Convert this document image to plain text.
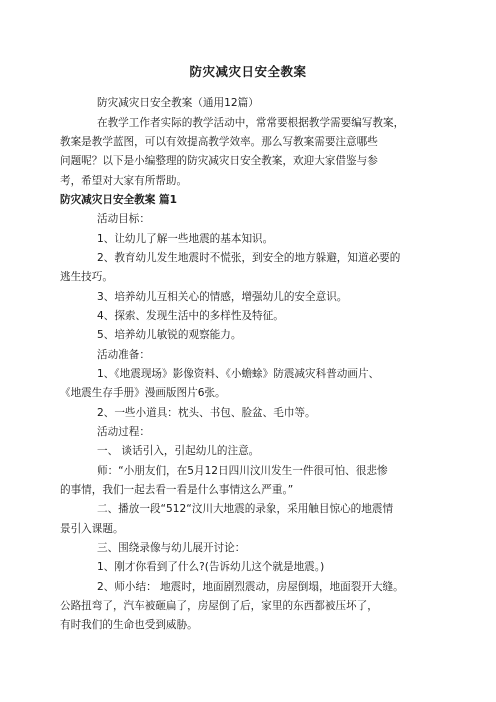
防灾减灾日安全教案
防灾减灾日安全教案（通用12篇）
在教学工作者实际的教学活动中，常常要根据教学需要编写教案，
教案是教学蓝图，可以有效提高教学效率。那么写教案需要注意哪些
问题呢？以下是小编整理的防灾减灾日安全教案，欢迎大家借鉴与参
考，希望对大家有所帮助。
防灾减灾日安全教案 篇1
活动目标：
1、让幼儿了解一些地震的基本知识。
2、教育幼儿发生地震时不慌张，到安全的地方躲避，知道必要的
逃生技巧。
3、培养幼儿互相关心的情感，增强幼儿的安全意识。
4、探索、发现生活中的多样性及特征。
5、培养幼儿敏锐的观察能力。
活动准备：
1、《地震现场》影像资料、《小蟾蜍》防震减灾科普动画片、
《地震生存手册》漫画版图片6张。
2、一些小道具：枕头、书包、脸盆、毛巾等。
活动过程：
一、 谈话引入，引起幼儿的注意。
师：“小朋友们，在5月12日四川汶川发生一件很可怕、很悲惨
的事情，我们一起去看一看是什么事情这么严重。”
二、播放一段“512“汶川大地震的录象，采用触目惊心的地震情
景引入课题。
三、围绕录像与幼儿展开讨论：
1、刚才你看到了什么?(告诉幼儿这个就是地震。)
2、师小结： 地震时，地面剧烈震动，房屋倒塌，地面裂开大缝。
公路扭弯了，汽车被砸扁了，房屋倒了后，家里的东西都被压坏了，
有时我们的生命也受到威胁。
